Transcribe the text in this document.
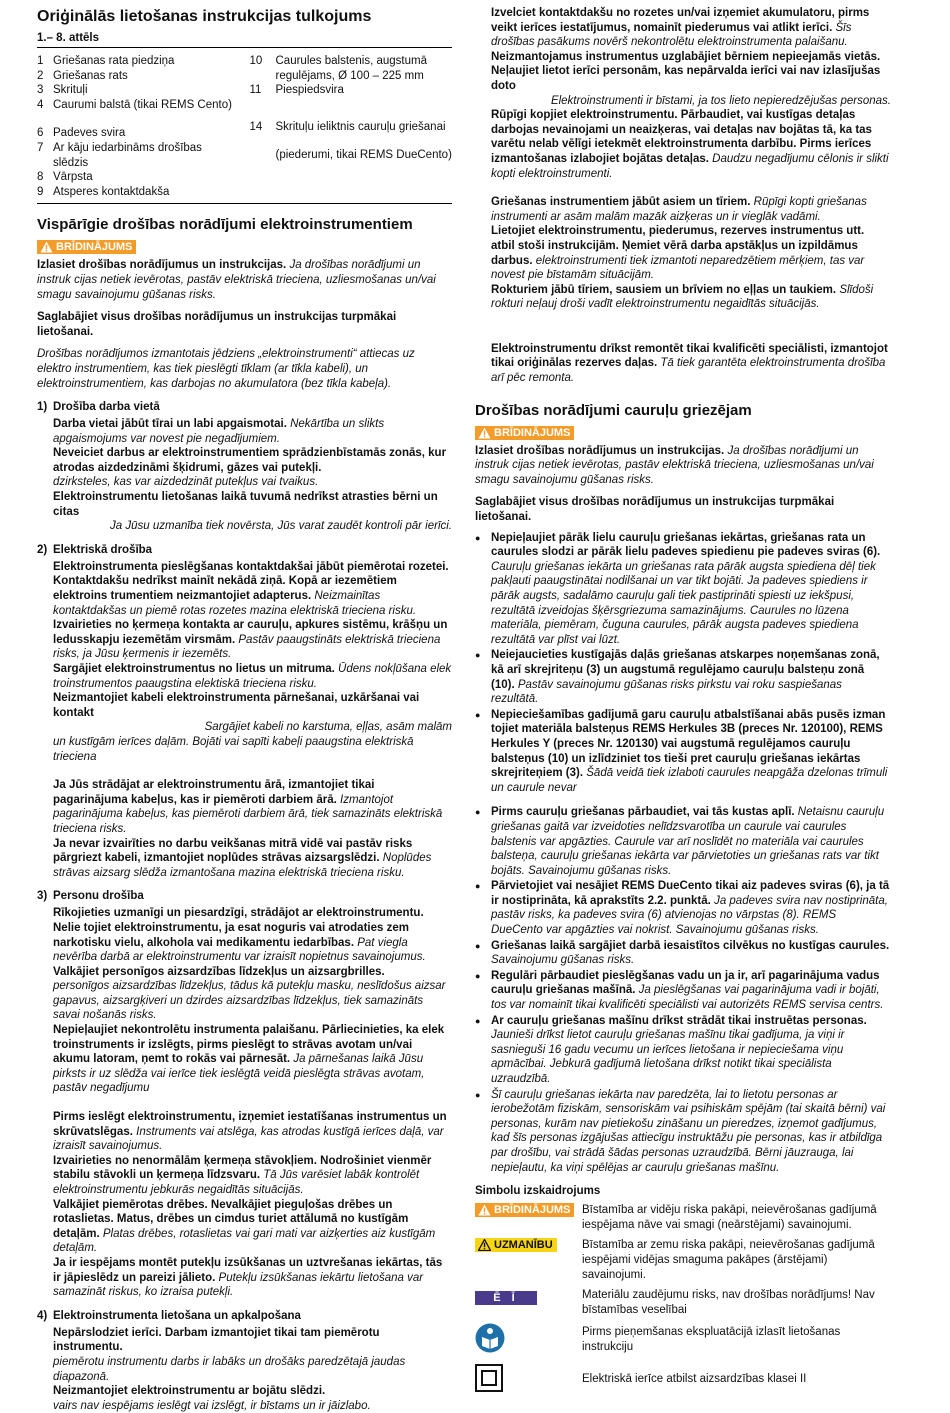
Oriģinālās lietošanas instrukcijas tulkojums
1.– 8. attēls
1 Griešanas rata piedziņa
2 Griešanas rats
3 Skrituļi
4 Caurumi balstā (tikai REMS Cento)
6 Padeves svira
7 Ar kāju iedarbināms drošības slēdzis
8 Vārpsta
9 Atsperes kontaktdakša
10	Caurules balstenis, augstumā regulējams, Ø 100 – 225 mm
11	Piespiedsvira
14	Skrituļu ieliktnis cauruļu griešanai
(piederumi, tikai REMS DueCento)
Vispārīgie drošības norādījumi elektroinstrumentiem
BRĪDINĀJUMS

Izlasiet drošības norādījumus un instrukcijas. Ja drošības norādījumi un instruk cijas netiek ievērotas, pastāv elektriskā trieciena, uzliesmošanas un/vai smagu savainojumu gūšanas risks.

Saglabājiet visus drošības norādījumus un instrukcijas turpmākai lietošanai.

Drošības norādījumos izmantotais jēdziens „elektroinstrumenti“ attiecas uz elektro instrumentiem, kas tiek pieslēgti tīklam (ar tīkla kabeli), un elektroinstrumentiem, kas darbojas no akumulatora (bez tīkla kabeļa).

1) Drošība darba vietā

Darba vietai jābūt tīrai un labi apgaismotai. Nekārtība un slikts apgaismojums var novest pie negadījumiem.

Neveiciet darbus ar elektroinstrumentiem sprādzienbīstamās zonās, kur atrodas aizdedzināmi šķidrumi, gāzes vai putekļi.

dzirksteles, kas var aizdedzināt putekļus vai tvaikus.

Elektroinstrumentu lietošanas laikā tuvumā nedrīkst atrasties bērni un citas

Ja Jūsu uzmanība tiek novērsta, Jūs varat zaudēt kontroli pār ierīci.

2) Elektriskā drošība

Elektroinstrumenta pieslēgšanas kontaktdakšai jābūt piemērotai rozetei. Kontaktdakšu nedrīkst mainīt nekādā ziņā. Kopā ar iezemētiem elektroins trumentiem neizmantojiet adapterus. Neizmainītas kontaktdakšas un piemē rotas rozetes mazina elektriskā trieciena risku.

Izvairieties no ķermeņa kontakta ar cauruļu, apkures sistēmu, krāšņu un ledusskapju iezemētām virsmām. Pastāv paaugstināts elektriskā trieciena risks, ja Jūsu ķermenis ir iezemēts.

Sargājiet elektroinstrumentus no lietus un mitruma. Ūdens nokļūšana elek troinstrumentos paaugstina elektiskā trieciena risku.

Neizmantojiet kabeli elektroinstrumenta pārnešanai, uzkāršanai vai kontakt

Sargājiet kabeli no karstuma, eļļas, asām malām

un kustīgām ierīces daļām. Bojāti vai sapīti kabeļi paaugstina elektriskā trieciena

Ja Jūs strādājat ar elektroinstrumentu ārā, izmantojiet tikai pagarinājuma kabeļus, kas ir piemēroti darbiem ārā. Izmantojot pagarinājuma kabeļus, kas piemēroti darbiem ārā, tiek samazināts elektriskā trieciena risks.

Ja nevar izvairīties no darbu veikšanas mitrā vidē vai pastāv risks pārgriezt kabeli, izmantojiet noplūdes strāvas aizsargslēdzi. Noplūdes strāvas aizsarg slēdža izmantošana mazina elektriskā trieciena risku.

3) Personu drošība

Rīkojieties uzmanīgi un piesardzīgi, strādājot ar elektroinstrumentu. Nelie tojiet elektroinstrumentu, ja esat noguris vai atrodaties zem narkotisku vielu, alkohola vai medikamentu iedarbības. Pat viegla nevērība darbā ar elektroinstrumentu var izraisīt nopietnus savainojumus.

Valkājiet personīgos aizsardzības līdzekļus un aizsargbrilles.

personīgos aizsardzības līdzekļus, tādus kā putekļu masku, neslīdošus aizsar gapavus, aizsargķiveri un dzirdes aizsardzības līdzekļus, tiek samazināts savai nošanās risks.

Nepieļaujiet nekontrolētu instrumenta palaišanu. Pārliecinieties, ka elek troinstruments ir izslēgts, pirms pieslēgt to strāvas avotam un/vai akumu latoram, ņemt to rokās vai pārnesāt. Ja pārnešanas laikā Jūsu pirksts ir uz slēdža vai ierīce tiek ieslēgtā veidā pieslēgta strāvas avotam, pastāv negadījumu

Pirms ieslēgt elektroinstrumentu, izņemiet iestatīšanas instrumentus un skrūvatslēgas. Instruments vai atslēga, kas atrodas kustīgā ierīces daļā, var izraisīt savainojumus.

Izvairieties no nenormālām ķermeņa stāvokļiem. Nodrošiniet vienmēr stabilu stāvokli un ķermeņa līdzsvaru. Tā Jūs varēsiet labāk kontrolēt elektroinstrumentu jebkurās negaidītās situācijās.

Valkājiet piemērotas drēbes. Nevalkājiet pieguļošas drēbes un rotaslietas. Matus, drēbes un cimdus turiet attālumā no kustīgām detaļām. Platas drēbes, rotaslietas vai gari mati var aizķerties aiz kustīgām detaļām.

Ja ir iespējams montēt putekļu izsūkšanas un uztvrešanas iekārtas, tās ir jāpieslēdz un pareizi jālieto. Putekļu izsūkšanas iekārtu lietošana var samazināt riskus, ko izraisa putekļi.

4) Elektroinstrumenta lietošana un apkalpošana

Nepārslodziet ierīci. Darbam izmantojiet tikai tam piemērotu instrumentu.

piemērotu instrumentu darbs ir labāks un drošāks paredzētajā jaudas diapazonā.

Neizmantojiet elektroinstrumentu ar bojātu slēdzi.

vairs nav iespējams ieslēgt vai izslēgt, ir bīstams un ir jāizlabo.

Izvelciet kontaktdakšu no rozetes un/vai izņemiet akumulatoru, pirms veikt ierīces iestatījumus, nomainīt piederumus vai atlikt ierīci. Šīs drošības pasākums novērš nekontrolētu elektroinstrumenta palaišanu.

Neizmantojamus instrumentus uzglabājiet bērniem nepieejamās vietās. Neļaujiet lietot ierīci personām, kas nepārvalda ierīci vai nav izlasījušas doto

Elektroinstrumenti ir bīstami, ja tos lieto nepieredzējušas personas.

Rūpīgi kopjiet elektroinstrumentu. Pārbaudiet, vai kustīgas detaļas darbojas nevainojami un neaizķeras, vai detaļas nav bojātas tā, ka tas varētu nelab vēlīgi ietekmēt elektroinstrumenta darbību. Pirms ierīces izmantošanas izlabojiet bojātas detaļas. Daudzu negadījumu cēlonis ir slikti kopti elektroinstrumenti.

Griešanas instrumentiem jābūt asiem un tīriem. Rūpīgi kopti griešanas instrumenti ar asām malām mazāk aizķeras un ir vieglāk vadāmi.

Lietojiet elektroinstrumentu, piederumus, rezerves instrumentus utt. atbil stoši instrukcijām. Ņemiet vērā darba apstākļus un izpildāmus darbus. elektroinstrumenti tiek izmantoti neparedzētiem mērķiem, tas var novest pie bīstamām situācijām.

Rokturiem jābū tīriem, sausiem un brīviem no eļļas un taukiem. Slīdoši rokturi neļauj droši vadīt elektroinstrumentu negaidītās situācijās.

Elektroinstrumentu drīkst remontēt tikai kvalificēti speciālisti, izmantojot tikai oriģinālas rezerves daļas. Tā tiek garantēta elektroinstrumenta drošība arī pēc remonta.

Drošības norādījumi cauruļu griezējam
BRĪDINĀJUMS

Izlasiet drošības norādījumus un instrukcijas. Ja drošības norādījumi un instruk cijas netiek ievērotas, pastāv elektriskā trieciena, uzliesmošanas un/vai smagu savainojumu gūšanas risks.

Saglabājiet visus drošības norādījumus un instrukcijas turpmākai lietošanai.

● Nepieļaujiet pārāk lielu cauruļu griešanas iekārtas, griešanas rata un caurules slodzi ar pārāk lielu padeves spiedienu pie padeves sviras (6). Cauruļu griešanas iekārta un griešanas rata pārāk augsta spiedienа dēļ tiek pakļauti paaugstinātai nodilšanai un var tikt bojāti. Ja padeves spiediens ir pārāk augsts, sadalāmo cauruļu gali tiek pastiprināti spiesti uz iekšpusi, rezultātā izveidojas šķērsgriezuma samazinājums. Caurules no lūzena materiāla, piemēram, čuguna caurules, pārāk augsta padeves spiediena rezultātā var plīst vai lūzt.
● Neiejaucieties kustīgajās daļās griešanas atskarpes noņemšanas zonā, kā arī skrejriteņu (3) un augstumā regulējamo cauruļu balsteņu zonā (10). Pastāv savainojumu gūšanas risks pirkstu vai roku saspiešanas rezultātā.
● Nepieciešamības gadījumā garu cauruļu atbalstīšanai abās pusēs izman tojiet materiāla balsteņus REMS Herkules 3B (preces Nr. 120100), REMS Herkules Y (preces Nr. 120130) vai augstumā regulējamos cauruļu balsteņus (10) un izlīdziniet tos tieši pret cauruļu griešanas iekārtas skrejriteņiem (3). Šādā veidā tiek izlaboti caurules neapgāža dzelonas trīmuli un caurule nevar
● Pirms cauruļu griešanas pārbaudiet, vai tās kustas aplī. Netaisnu cauruļu griešanas gaitā var izveidoties nelīdzsvarotība un caurule vai caurules balstenis var apgāzties. Caurule var arī noslīdēt no materiāla vai caurules balsteņa, cauruļu griešanas iekārta var pārvietoties un griešanas rats var tikt bojāts. Savainojumu gūšanas risks.
● Pārvietojiet vai nesājiet REMS DueCento tikai aiz padeves sviras (6), ja tā ir nostiprināta, kā aprakstīts 2.2. punktā. Ja padeves svira nav nostiprināta, pastāv risks, ka padeves svira (6) atvienojas no vārpstas (8). REMS DueCento var apgāzties vai nokrist. Savainojumu gūšanas risks.
● Griešanas laikā sargājiet darbā iesaistītos cilvēkus no kustīgas caurules. Savainojumu gūšanas risks.
● Regulāri pārbaudiet pieslēgšanas vadu un ja ir, arī pagarinājuma vadus cauruļu griešanas mašīnā. Ja pieslēgšanas vai pagarinājuma vadi ir bojāti, tos var nomainīt tikai kvalificēti speciālisti vai autorizēts REMS servisa centrs.
● Ar cauruļu griešanas mašīnu drīkst strādāt tikai instruētas personas. Jaunieši drīkst lietot cauruļu griešanas mašīnu tikai gadījuma, ja viņi ir sasnieguši 16 gadu vecumu un ierīces lietošana ir nepieciešama viņu apmācībai. Jebkurā gadījumā lietošana drīkst notikt tikai speciālista uzraudzībā.
● Šī cauruļu griešanas iekārta nav paredzēta, lai to lietotu personas ar ierobežotām fiziskām, sensoriskām vai psihiskām spējām (tai skaitā bērni) vai personas, kurām nav pietiekošu zināšanu un pieredzes, izņemot gadījumus, kad šīs personas izgājušas attiecīgu instruktāžu pie personas, kas ir atbildīga par drošību, vai strādā šādas personas uzraudzībā. Bērni jāuzrauga, lai nepieļautu, ka viņi spēlējas ar cauruļu griešanas mašīnu.
Simbolu izskaidrojums
BRĪDINĀJUMS Bīstamība ar vidēju riska pakāpi, neievērošanas gadījumā iespējama nāve vai smagi (neārstējami) savainojumi.
UZMANĪBU	Bīstamība ar zemu riska pakāpi, neievērošanas gadījumā iespējami vidējas smaguma pakāpes (ārstējami) savainojumi.
Ē Ī	Materiālu zaudējumu risks, nav drošības norādījums! Nav bīstamības veselībai
Pirms pieņemšanas ekspluatācijā izlasīt lietošanas instrukciju
Elektriskā ierīce atbilst aizsardzības klasei II
